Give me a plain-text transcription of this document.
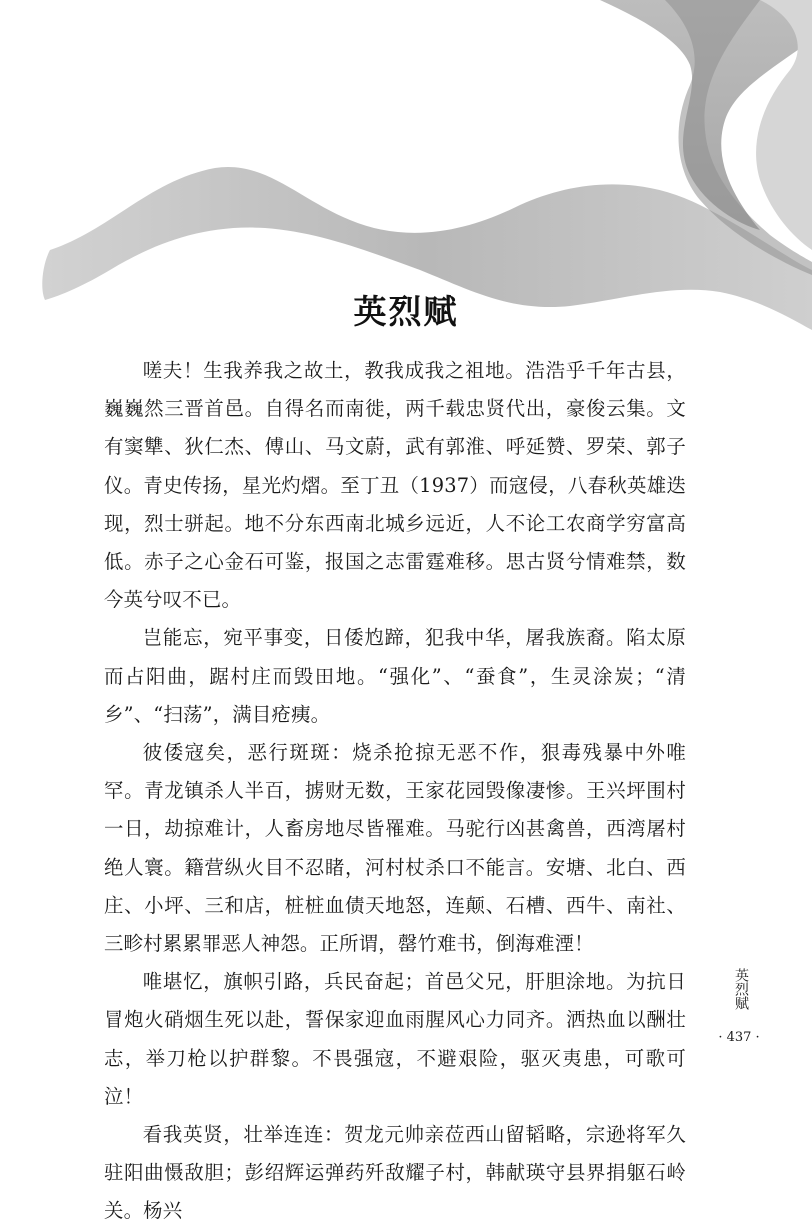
英烈赋

嗟夫！生我养我之故土，教我成我之祖地。浩浩乎千年古县，巍巍然三晋首邑。自得名而南徙，两千载忠贤代出，豪俊云集。文有窦犨、狄仁杰、傅山、马文蔚，武有郭淮、呼延赞、罗荣、郭子仪。青史传扬，星光灼熠。至丁丑（1937）而寇侵，八春秋英雄迭现，烈士骈起。地不分东西南北城乡远近，人不论工农商学穷富高低。赤子之心金石可鉴，报国之志雷霆难移。思古贤兮情难禁，数今英兮叹不已。

岂能忘，宛平事变，日倭尥蹄，犯我中华，屠我族裔。陷太原而占阳曲，踞村庄而毁田地。“强化”、“蚕食”，生灵涂炭；“清乡”、“扫荡”，满目疮痍。

彼倭寇矣，恶行斑斑：烧杀抢掠无恶不作，狠毒残暴中外唯罕。青龙镇杀人半百，掳财无数，王家花园毁像凄惨。王兴坪围村一日，劫掠难计，人畜房地尽皆罹难。马驼行凶甚禽兽，西湾屠村绝人寰。籍营纵火目不忍睹，河村杖杀口不能言。安塘、北白、西庄、小坪、三和店，桩桩血债天地怒，连颠、石槽、西牛、南社、三畛村累累罪恶人神怨。正所谓，罄竹难书，倒海难湮！

唯堪忆，旗帜引路，兵民奋起；首邑父兄，肝胆涂地。为抗日冒炮火硝烟生死以赴，誓保家迎血雨腥风心力同齐。洒热血以酬壮志，举刀枪以护群黎。不畏强寇，不避艰险，驱灭夷患，可歌可泣！

看我英贤，壮举连连：贺龙元帅亲莅西山留韬略，宗逊将军久驻阳曲慑敌胆；彭绍辉运弹药歼敌耀子村，韩献瑛守县界捐躯石岭关。杨兴

英烈赋
· 437 ·
